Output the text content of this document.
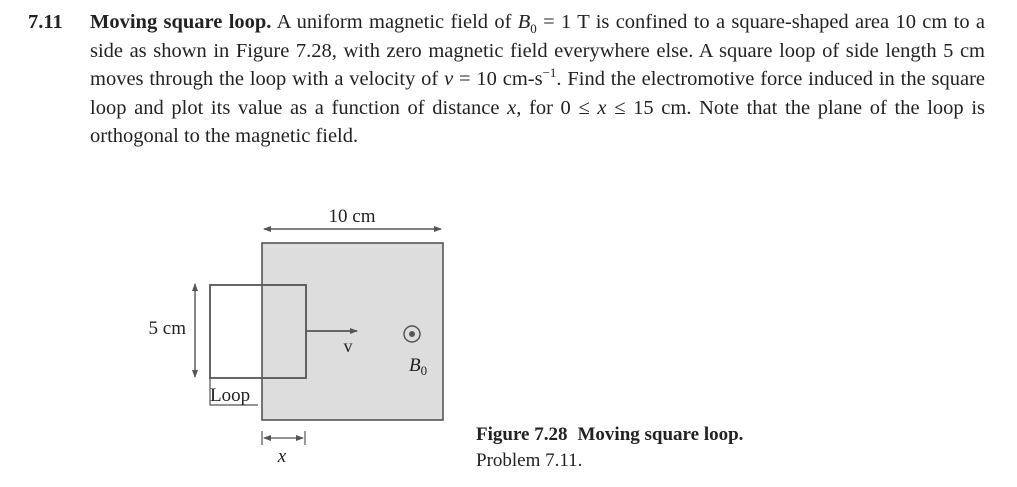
7.11 Moving square loop. A uniform magnetic field of $B_0 = 1$ T is confined to a square-shaped area 10 cm to a side as shown in Figure 7.28, with zero magnetic field everywhere else. A square loop of side length 5 cm moves through the loop with a velocity of v = 10 $cm-s^{-1}$. Find the electromotive force induced in the square loop and plot its value as a function of distance x, for 0 ≤ x ≤ 15 cm. Note that the plane of the loop is orthogonal to the magnetic field.
10 cm
5 cm
v
$B_0$
Loop
x
Figure 7.28 Moving square loop.
Problem 7.11.
